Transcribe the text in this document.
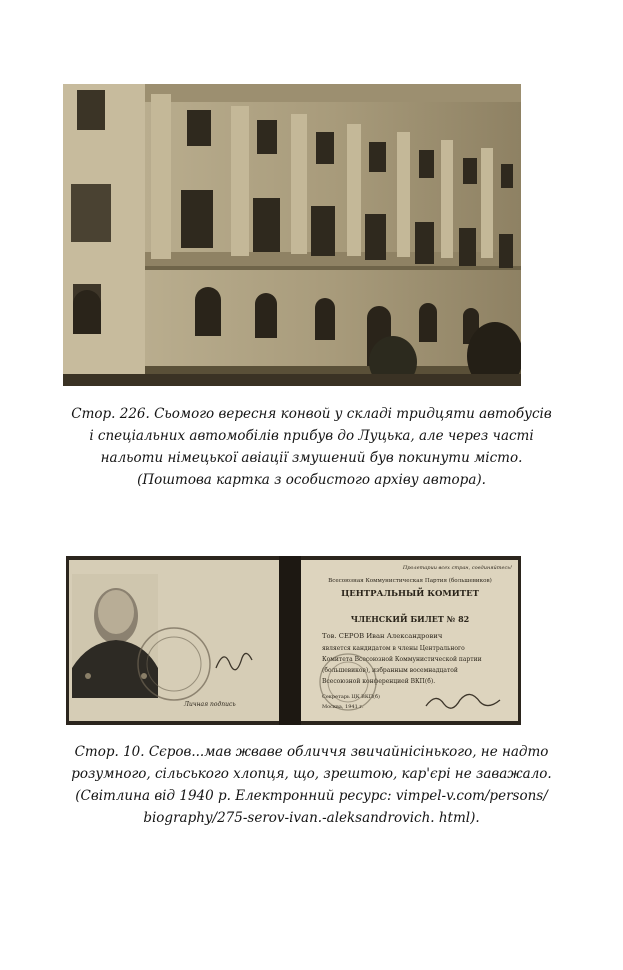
Стор. 226. Сьомого вересня конвой у складі тридцяти автобусів
і спеціальних автомобілів прибув до Луцька, але через часті
нальоти німецької авіації змушений був покинути місто.
(Поштова картка з особистого архіву автора).
Личная подпись
Пролетарии всех стран, соединяйтесь!
Всесоюзная Коммунистическая Партия (большевиков)
ЦЕНТРАЛЬНЫЙ КОМИТЕТ
ЧЛЕНСКИЙ БИЛЕТ № 82
Тов. СЕРОВ Иван Александрович
является кандидатом в члены Центрального
Комитета Всесоюзной Коммунистической партии
(большевиков), избранным восемнадцатой
Всесоюзной конференцией ВКП(б).
Секретарь ЦК ВКП(б)
Москва, 1941 г.
Стор. 10. Сєров...мав жваве обличчя звичайнісінького, не надто
розумного, сільського хлопця, що, зрештою, кар'єрі не заважало.
(Світлина від 1940 р. Електронний ресурс: vimpel-v.com/persons/
biography/275-serov-ivan.-aleksandrovich. html).
